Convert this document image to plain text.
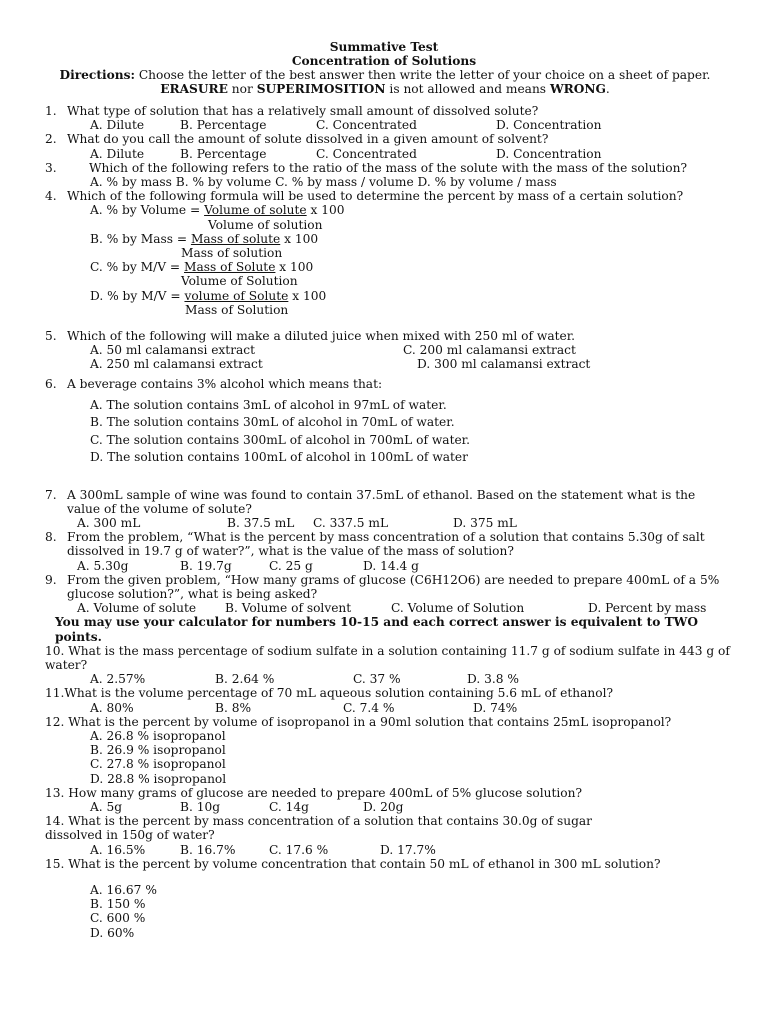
Summative Test
Concentration of Solutions
Directions: Choose the letter of the best answer then write the letter of your choice on a sheet of paper. ERASURE nor SUPERIMOSITION is not allowed and means WRONG.
1. What type of solution that has a relatively small amount of dissolved solute?
A. Dilute	B. Percentage	C. Concentrated	D. Concentration
2. What do you call the amount of solute dissolved in a given amount of solvent?
A. Dilute	B. Percentage	C. Concentrated	D. Concentration
3.	Which of the following refers to the ratio of the mass of the solute with the mass of the solution?
A. % by mass B. % by volume C. % by mass / volume D. % by volume / mass
4. Which of the following formula will be used to determine the percent by mass of a certain solution?
A. % by Volume = Volume of solute x 100
Volume of solution
B. % by Mass = Mass of solute x 100
Mass of solution
C. % by M/V = Mass of Solute x 100
Volume of Solution
D. % by M/V = volume of Solute x 100
Mass of Solution
5. Which of the following will make a diluted juice when mixed with 250 ml of water.
A. 50 ml calamansi extract	C. 200 ml calamansi extract
A. 250 ml calamansi extract	D. 300 ml calamansi extract
6. A beverage contains 3% alcohol which means that:
A. The solution contains 3mL of alcohol in 97mL of water.
B. The solution contains 30mL of alcohol in 70mL of water.
C. The solution contains 300mL of alcohol in 700mL of water.
D. The solution contains 100mL of alcohol in 100mL of water
7. A 300mL sample of wine was found to contain 37.5mL of ethanol. Based on the statement what is the value of the volume of solute?
A. 300 mL	B. 37.5 mL C. 337.5 mL	D. 375 mL
8. From the problem, “What is the percent by mass concentration of a solution that contains 5.30g of salt dissolved in 19.7 g of water?”, what is the value of the mass of solution?
A. 5.30g	B. 19.7g	C. 25 g	D. 14.4 g
9. From the given problem, “How many grams of glucose (C6H12O6) are needed to prepare 400mL of a 5% glucose solution?”, what is being asked?
A. Volume of solute B. Volume of solvent	C. Volume of Solution	D. Percent by mass
You may use your calculator for numbers 10-15 and each correct answer is equivalent to TWO points.
10. What is the mass percentage of sodium sulfate in a solution containing 11.7 g of sodium sulfate in 443 g of water?
A. 2.57%	B. 2.64 %	C. 37 %	D. 3.8 %
11.What is the volume percentage of 70 mL aqueous solution containing 5.6 mL of ethanol?
A. 80%	B. 8%	C. 7.4 %	D. 74%
12. What is the percent by volume of isopropanol in a 90ml solution that contains 25mL isopropanol?
A. 26.8 % isopropanol
B. 26.9 % isopropanol
C. 27.8 % isopropanol
D. 28.8 % isopropanol
13. How many grams of glucose are needed to prepare 400mL of 5% glucose solution?
A. 5g	B. 10g	C. 14g	D. 20g
14. What is the percent by mass concentration of a solution that contains 30.0g of sugar dissolved in 150g of water?
A. 16.5%	B. 16.7%	C. 17.6 %	D. 17.7%
15. What is the percent by volume concentration that contain 50 mL of ethanol in 300 mL solution?
A. 16.67 %
B. 150 %
C. 600 %
D. 60%
